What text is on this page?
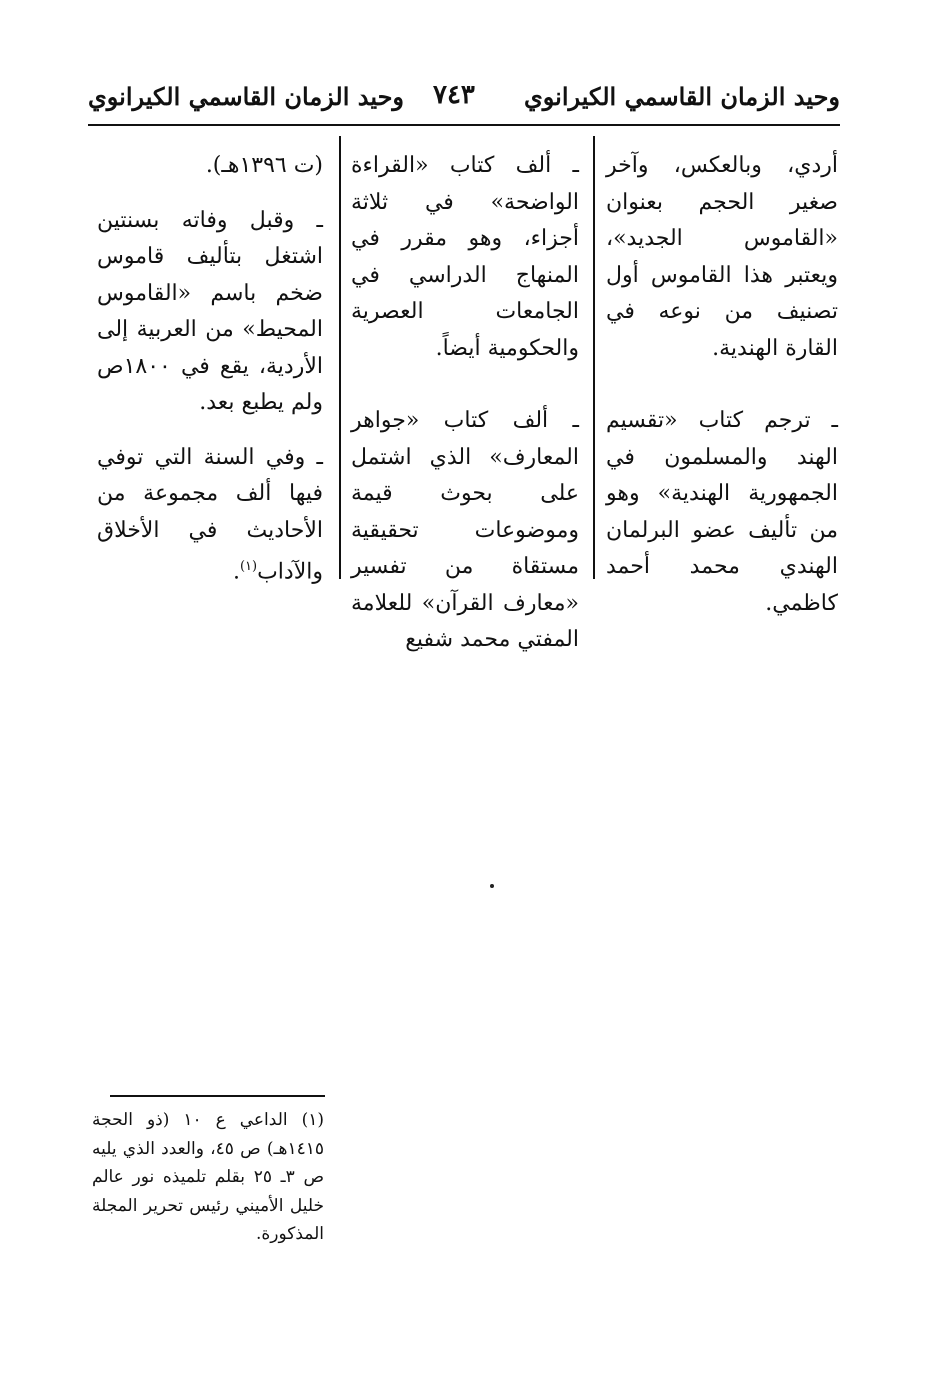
وحيد الزمان القاسمي الكيرانوي
٧٤٣
وحيد الزمان القاسمي الكيرانوي

أردي، وبالعكس، وآخر صغير الحجم بعنوان «القاموس الجديد»، ويعتبر هذا القاموس أول تصنيف من نوعه في القارة الهندية.

ـ ترجم كتاب «تقسيم الهند والمسلمون في الجمهورية الهندية» وهو من تأليف عضو البرلمان الهندي محمد أحمد كاظمي.

ـ ألف كتاب «القراءة الواضحة» في ثلاثة أجزاء، وهو مقرر في المنهاج الدراسي في الجامعات العصرية والحكومية أيضاً.

ـ ألف كتاب «جواهر المعارف» الذي اشتمل على بحوث قيمة وموضوعات تحقيقية مستقاة من تفسير «معارف القرآن» للعلامة المفتي محمد شفيع

(ت ١٣٩٦هـ).

ـ وقبل وفاته بسنتين اشتغل بتأليف قاموس ضخم باسم «القاموس المحيط» من العربية إلى الأردية، يقع في ١٨٠٠ص ولم يطبع بعد.

ـ وفي السنة التي توفي فيها ألف مجموعة من الأحاديث في الأخلاق والآداب$^{(١)}$.

(١) الداعي ع ١٠ (ذو الحجة ١٤١٥هـ) ص ٤٥، والعدد الذي يليه ص ٣ـ ٢٥ بقلم تلميذه نور عالم خليل الأميني رئيس تحرير المجلة المذكورة.
